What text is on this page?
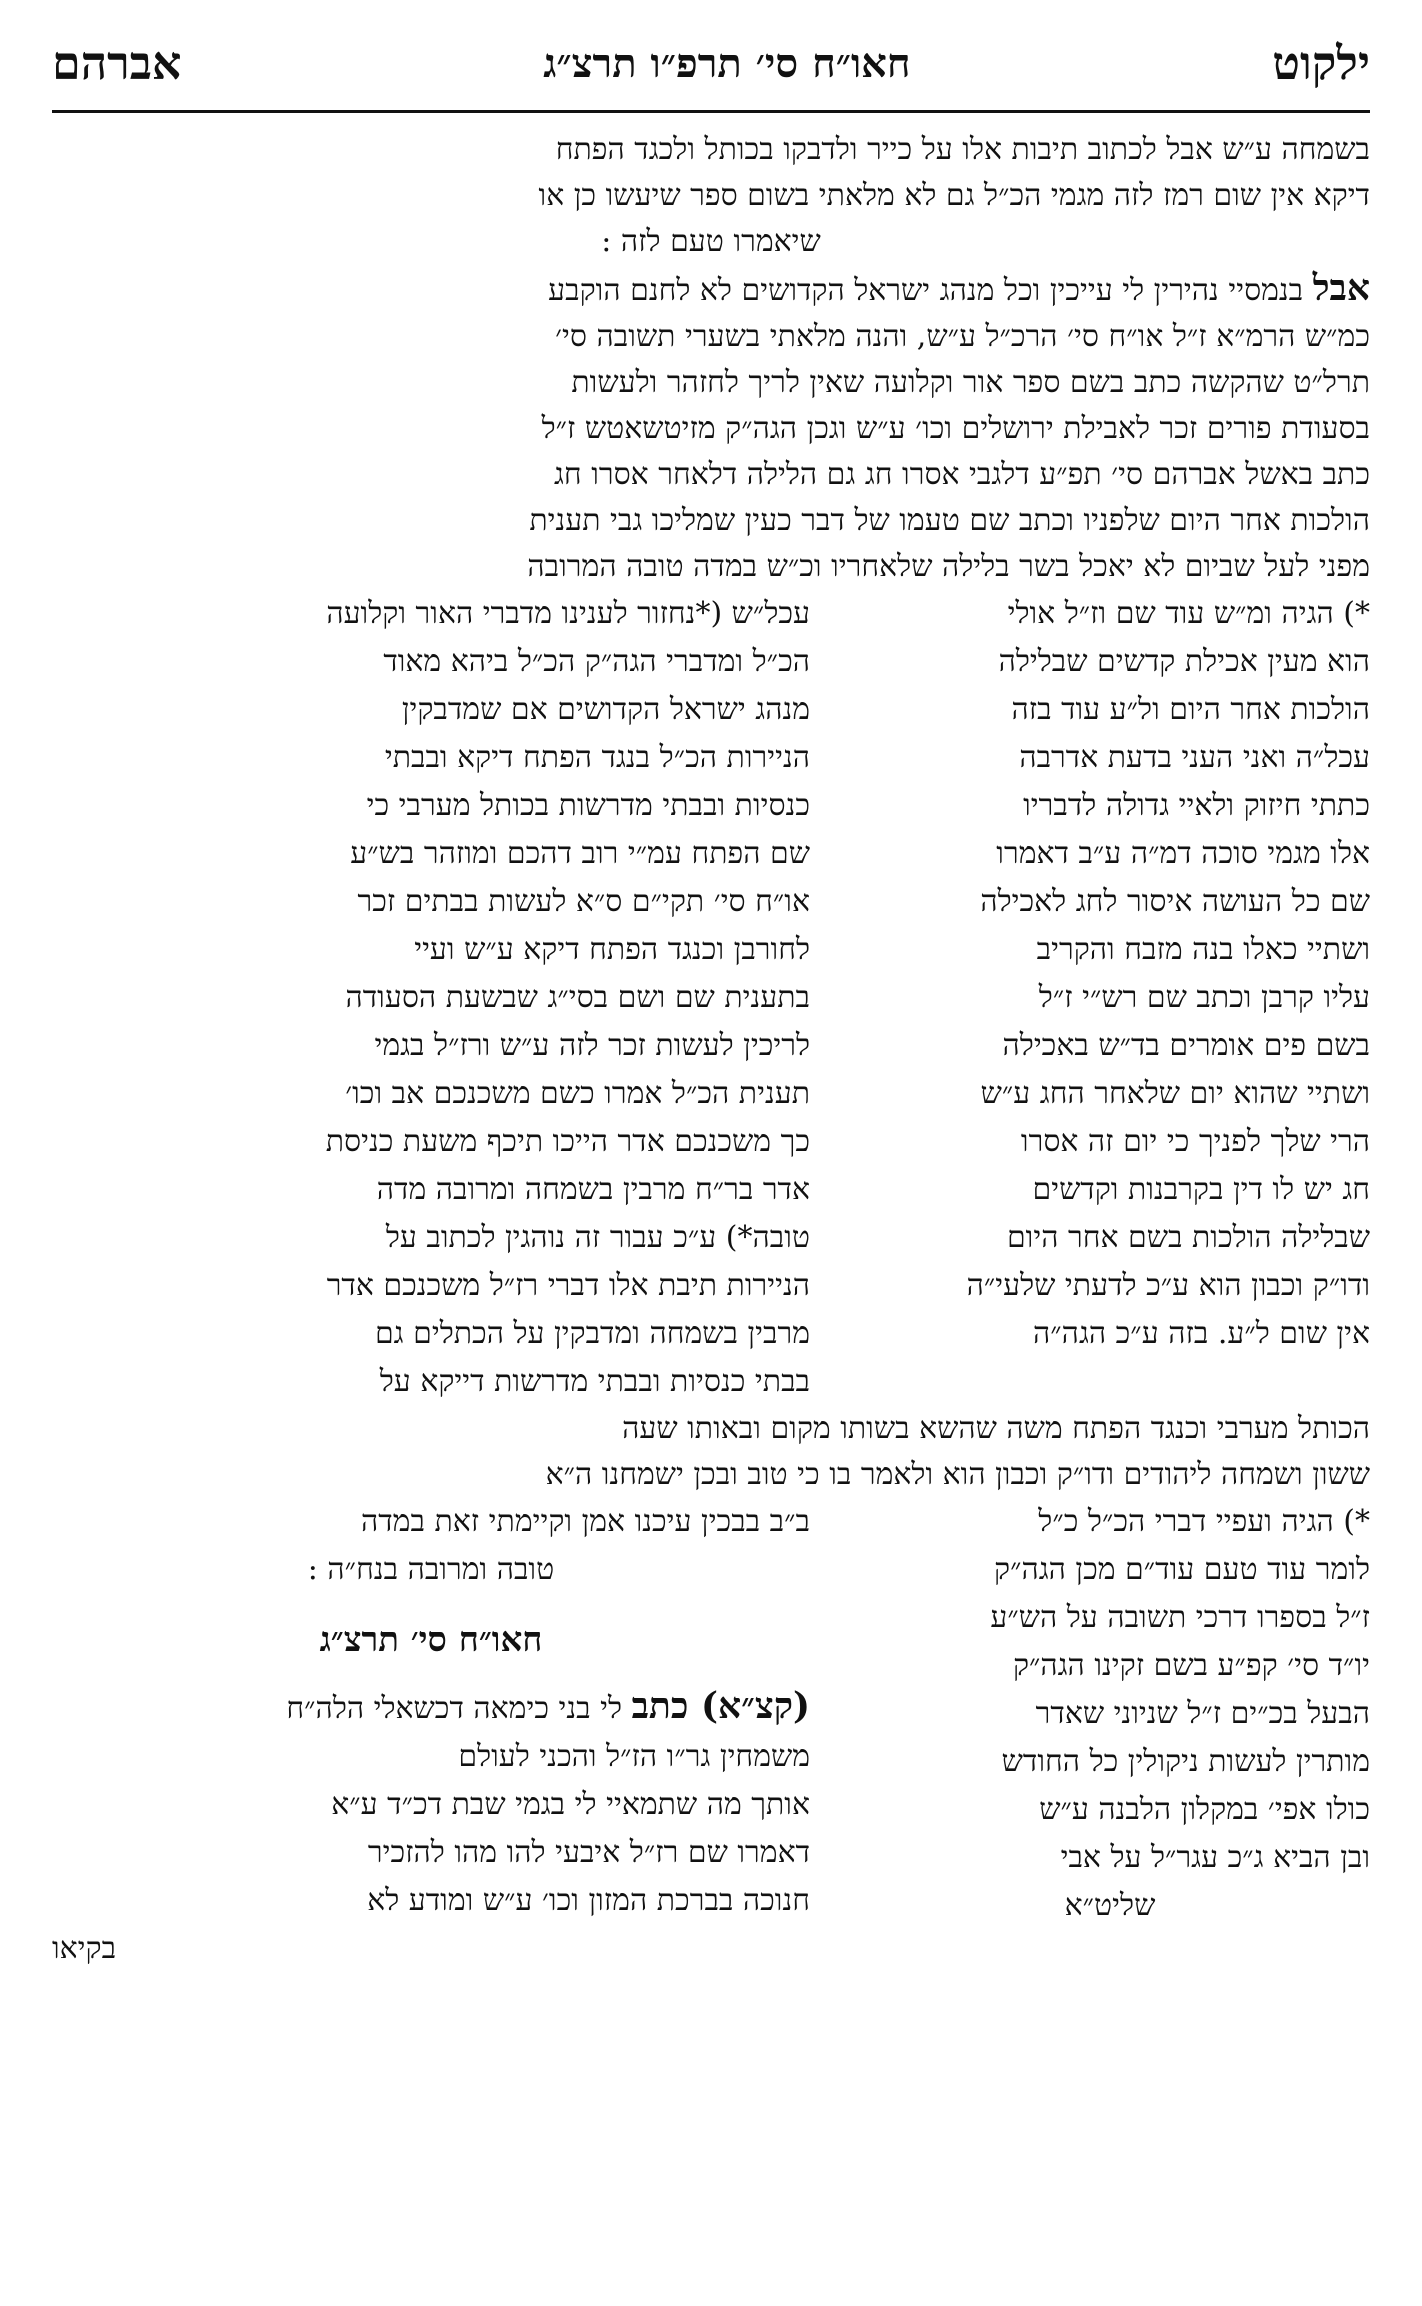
ילקוט
חאו״ח סי׳ תרפ״ו תרצ״ג
אברהם

בשמחה ע״ש אבל לכתוב תיבות אלו על כייר ולדבקו בכותל ולכגד הפתח

דיקא אין שום רמז לזה מגמי הכ״ל גם לא מלאתי בשום ספר שיעשו כן או

שיאמרו טעם לזה :

אבל בנמסיי נהירין לי עייכין וכל מנהג ישראל הקדושים לא לחנם הוקבע

כמ״ש הרמ״א ז״ל או״ח סי׳ הרכ״ל ע״ש, והנה מלאתי בשערי תשובה סי׳

תרל״ט שהקשה כתב בשם ספר אור וקלועה שאין לריך לחזהר ולעשות

בסעודת פורים זכר לאבילת ירושלים וכו׳ ע״ש וגכן הגה״ק מזיטשאטש ז״ל

כתב באשל אברהם סי׳ תפ״ע דלגבי אסרו חג גם הלילה דלאחר אסרו חג

הולכות אחר היום שלפניו וכתב שם טעמו של דבר כעין שמליכו גבי תענית

מפני לעל שביום לא יאכל בשר בלילה שלאחריו וכ״ש במדה טובה המרובה

*) הגיה ומ״ש עוד שם וז״ל אולי

הוא מעין אכילת קדשים שבלילה

הולכות אחר היום ול״ע עוד בזה

עכל״ה ואני העני בדעת אדרבה

כתתי חיזוק ולאיי גדולה לדבריו

אלו מגמי סוכה דמ״ה ע״ב דאמרו

שם כל העושה איסור לחג לאכילה

ושתיי כאלו בנה מזבח והקריב

עליו קרבן וכתב שם רש״י ז״ל

בשם פים אומרים בד״ש באכילה

ושתיי שהוא יום שלאחר החג ע״ש

הרי שלך לפניך כי יום זה אסרו

חג יש לו דין בקרבנות וקדשים

שבלילה הולכות בשם אחר היום

ודו״ק וכבון הוא ע״כ לדעתי שלעי״ה

אין שום ל״ע. בזה ע״כ הגה״ה

עכל״ש (*נחזור לענינו מדברי האור וקלועה

הכ״ל ומדברי הגה״ק הכ״ל ביהא מאוד

מנהג ישראל הקדושים אם שמדבקין

הניירות הכ״ל בנגד הפתח דיקא ובבתי

כנסיות ובבתי מדרשות בכותל מערבי כי

שם הפתח עמ״י רוב דהכם ומוזהר בש״ע

או״ח סי׳ תקי״ם ס״א לעשות בבתים זכר

לחורבן וכנגד הפתח דיקא ע״ש ועיי

בתענית שם ושם בסי״ג שבשעת הסעודה

לריכין לעשות זכר לזה ע״ש ורז״ל בגמי

תענית הכ״ל אמרו כשם משכנכם אב וכו׳

כך משכנכם אדר הייכו תיכף משעת כניסת

אדר בר״ח מרבין בשמחה ומרובה מדה

טובה*) ע״כ עבור זה נוהגין לכתוב על

הניירות תיבת אלו דברי רז״ל משכנכם אדר

מרבין בשמחה ומדבקין על הכתלים גם

בבתי כנסיות ובבתי מדרשות דייקא על

הכותל מערבי וכנגד הפתח משה שהשא בשותו מקום ובאותו שעה

ששון ושמחה ליהודים ודו״ק וכבון הוא ולאמר בו כי טוב ובכן ישמחנו ה״א

*) הגיה ועפיי דברי הכ״ל כ״ל

לומר עוד טעם עוד״ם מכן הגה״ק

ז״ל בספרו דרכי תשובה על הש״ע

יו״ד סי׳ קפ״ע בשם זקינו הגה״ק

הבעל בכ״ים ז״ל שניוני שאדר

מותרין לעשות ניקולין כל החודש

כולו אפי׳ במקלון הלבנה ע״ש

ובן הביא ג״כ עגר״ל על אבי

שליט״א

ב״ב בבכין עיכנו אמן וקיימתי זאת במדה

טובה ומרובה בנח״ה :

חאו״ח סי׳ תרצ״ג

(קצ״א) כתב לי בני כימאה דכשאלי הלה״ח

משמחין גר״ו הז״ל והכני לעולם

אותך מה שתמאיי לי בגמי שבת דכ״ד ע״א

דאמרו שם רז״ל איבעי להו מהו להזכיר

חנוכה בברכת המזון וכו׳ ע״ש ומודע לא

בקיאו
